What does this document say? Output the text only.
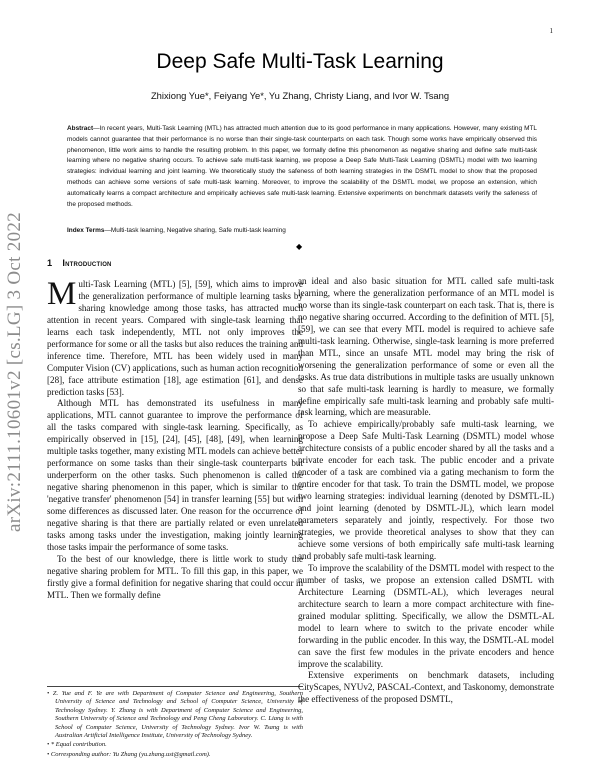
1
arXiv:2111.10601v2 [cs.LG] 3 Oct 2022
Deep Safe Multi-Task Learning
Zhixiong Yue*, Feiyang Ye*, Yu Zhang, Christy Liang, and Ivor W. Tsang

Abstract—In recent years, Multi-Task Learning (MTL) has attracted much attention due to its good performance in many applications. However, many existing MTL models cannot guarantee that their performance is no worse than their single-task counterparts on each task. Though some works have empirically observed this phenomenon, little work aims to handle the resulting problem. In this paper, we formally define this phenomenon as negative sharing and define safe multi-task learning where no negative sharing occurs. To achieve safe multi-task learning, we propose a Deep Safe Multi-Task Learning (DSMTL) model with two learning strategies: individual learning and joint learning. We theoretically study the safeness of both learning strategies in the DSMTL model to show that the proposed methods can achieve some versions of safe multi-task learning. Moreover, to improve the scalability of the DSMTL model, we propose an extension, which automatically learns a compact architecture and empirically achieves safe multi-task learning. Extensive experiments on benchmark datasets verify the safeness of the proposed methods.

Index Terms—Multi-task learning, Negative sharing, Safe multi-task learning

◆
1 Introduction

Multi-Task Learning (MTL) [5], [59], which aims to improve the generalization performance of multiple learning tasks by sharing knowledge among those tasks, has attracted much attention in recent years. Compared with single-task learning that learns each task independently, MTL not only improves the performance for some or all the tasks but also reduces the training and inference time. Therefore, MTL has been widely used in many Computer Vision (CV) applications, such as human action recognition [28], face attribute estimation [18], age estimation [61], and dense prediction tasks [53].

Although MTL has demonstrated its usefulness in many applications, MTL cannot guarantee to improve the performance of all the tasks compared with single-task learning. Specifically, as empirically observed in [15], [24], [45], [48], [49], when learning multiple tasks together, many existing MTL models can achieve better performance on some tasks than their single-task counterparts but underperform on the other tasks. Such phenomenon is called the negative sharing phenomenon in this paper, which is similar to the 'negative transfer' phenomenon [54] in transfer learning [55] but with some differences as discussed later. One reason for the occurrence of negative sharing is that there are partially related or even unrelated tasks among tasks under the investigation, making jointly learning those tasks impair the performance of some tasks.

To the best of our knowledge, there is little work to study the negative sharing problem for MTL. To fill this gap, in this paper, we firstly give a formal definition for negative sharing that could occur in MTL. Then we formally define

• Z. Yue and F. Ye are with Department of Computer Science and Engineering, Southern University of Science and Technology and School of Computer Science, University of Technology Sydney. Y. Zhang is with Department of Computer Science and Engineering, Southern University of Science and Technology and Peng Cheng Laboratory. C. Liang is with School of Computer Science, University of Technology Sydney. Ivor W. Tsang is with Australian Artificial Intelligence Institute, University of Technology Sydney.

• * Equal contribution.

• Corresponding author: Yu Zhang (yu.zhang.ust@gmail.com).

an ideal and also basic situation for MTL called safe multi-task learning, where the generalization performance of an MTL model is no worse than its single-task counterpart on each task. That is, there is no negative sharing occurred. According to the definition of MTL [5], [59], we can see that every MTL model is required to achieve safe multi-task learning. Otherwise, single-task learning is more preferred than MTL, since an unsafe MTL model may bring the risk of worsening the generalization performance of some or even all the tasks. As true data distributions in multiple tasks are usually unknown so that safe multi-task learning is hardly to measure, we formally define empirically safe multi-task learning and probably safe multi-task learning, which are measurable.

To achieve empirically/probably safe multi-task learning, we propose a Deep Safe Multi-Task Learning (DSMTL) model whose architecture consists of a public encoder shared by all the tasks and a private encoder for each task. The public encoder and a private encoder of a task are combined via a gating mechanism to form the entire encoder for that task. To train the DSMTL model, we propose two learning strategies: individual learning (denoted by DSMTL-IL) and joint learning (denoted by DSMTL-JL), which learn model parameters separately and jointly, respectively. For those two strategies, we provide theoretical analyses to show that they can achieve some versions of both empirically safe multi-task learning and probably safe multi-task learning.

To improve the scalability of the DSMTL model with respect to the number of tasks, we propose an extension called DSMTL with Architecture Learning (DSMTL-AL), which leverages neural architecture search to learn a more compact architecture with fine-grained modular splitting. Specifically, we allow the DSMTL-AL model to learn where to switch to the private encoder while forwarding in the public encoder. In this way, the DSMTL-AL model can save the first few modules in the private encoders and hence improve the scalability.

Extensive experiments on benchmark datasets, including CityScapes, NYUv2, PASCAL-Context, and Taskonomy, demonstrate the effectiveness of the proposed DSMTL,
